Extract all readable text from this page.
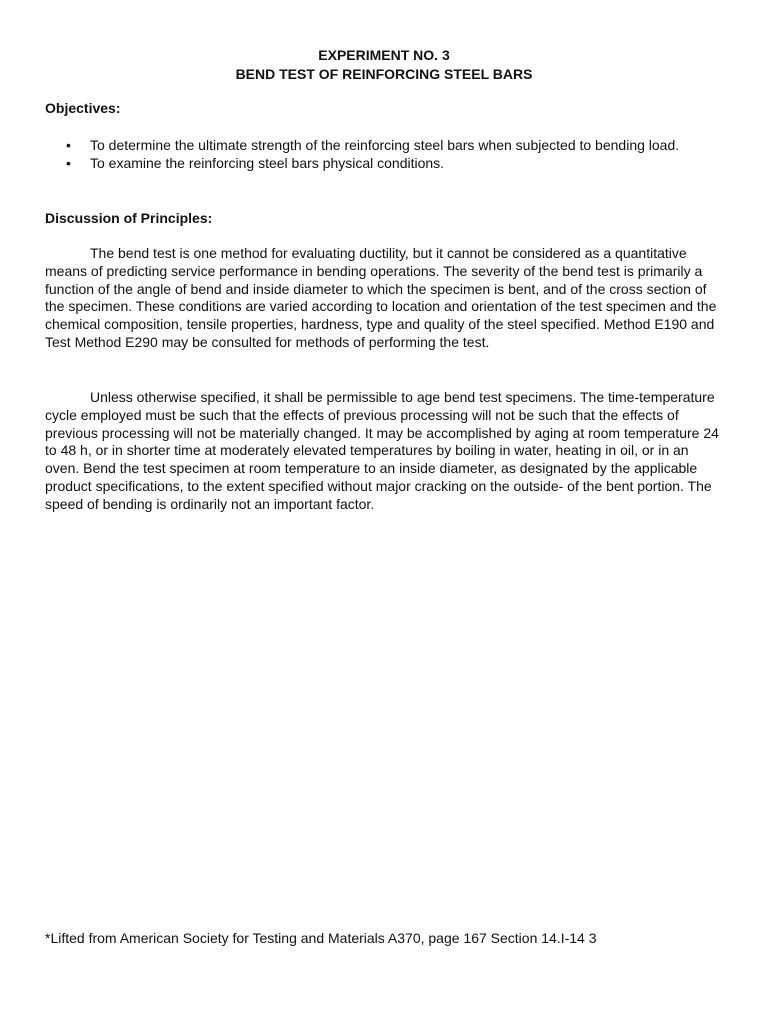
EXPERIMENT NO. 3
BEND TEST OF REINFORCING STEEL BARS
Objectives:
• To determine the ultimate strength of the reinforcing steel bars when subjected to bending load.
• To examine the reinforcing steel bars physical conditions.
Discussion of Principles:

The bend test is one method for evaluating ductility, but it cannot be considered as a quantitative means of predicting service performance in bending operations. The severity of the bend test is primarily a function of the angle of bend and inside diameter to which the specimen is bent, and of the cross section of the specimen. These conditions are varied according to location and orientation of the test specimen and the chemical composition, tensile properties, hardness, type and quality of the steel specified. Method E190 and Test Method E290 may be consulted for methods of performing the test.

Unless otherwise specified, it shall be permissible to age bend test specimens. The time-temperature cycle employed must be such that the effects of previous processing will not be such that the effects of previous processing will not be materially changed. It may be accomplished by aging at room temperature 24 to 48 h, or in shorter time at moderately elevated temperatures by boiling in water, heating in oil, or in an oven. Bend the test specimen at room temperature to an inside diameter, as designated by the applicable product specifications, to the extent specified without major cracking on the outside- of the bent portion. The speed of bending is ordinarily not an important factor.

*Lifted from American Society for Testing and Materials A370, page 167 Section 14.I-14 3
